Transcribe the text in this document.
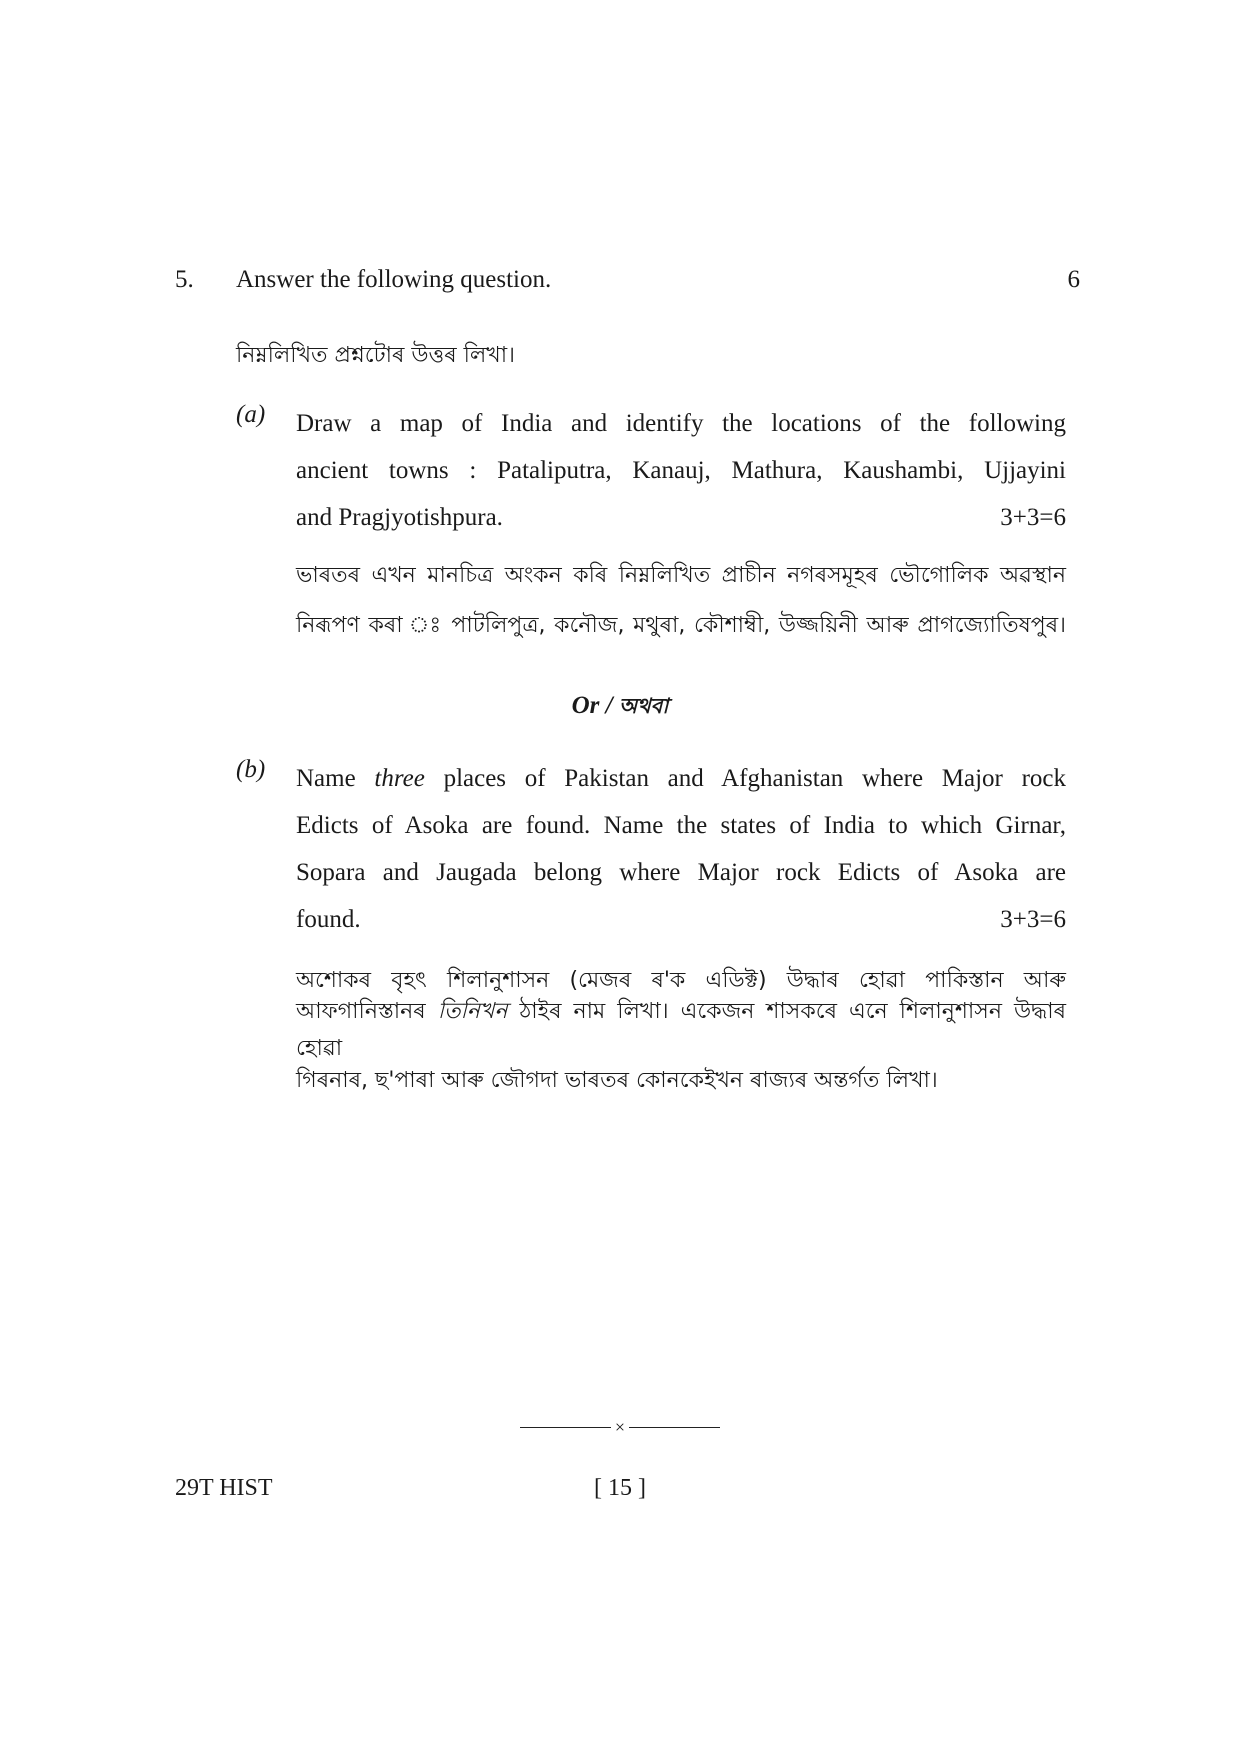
5. Answer the following question.	6
নিম্নলিখিত প্ৰশ্নটোৰ উত্তৰ লিখা।
(a) Draw a map of India and identify the locations of the following
ancient towns : Pataliputra, Kanauj, Mathura, Kaushambi, Ujjayini
and Pragjyotishpura.	3+3=6
ভাৰতৰ এখন মানচিত্ৰ অংকন কৰি নিম্নলিখিত প্ৰাচীন নগৰসমূহৰ ভৌগোলিক অৱস্থান
নিৰূপণ কৰা ঃ পাটলিপুত্ৰ, কনৌজ, মথুৰা, কৌশাম্বী, উজ্জয়িনী আৰু প্ৰাগজ্যোতিষপুৰ।
Or / অথবা
(b) Name three places of Pakistan and Afghanistan where Major rock
Edicts of Asoka are found. Name the states of India to which Girnar,
Sopara and Jaugada belong where Major rock Edicts of Asoka are
found.	3+3=6
অশোকৰ বৃহৎ শিলানুশাসন (মেজৰ ৰ'ক এডিক্ট) উদ্ধাৰ হোৱা পাকিস্তান আৰু
আফগানিস্তানৰ তিনিখন ঠাইৰ নাম লিখা। একেজন শাসকৰে এনে শিলানুশাসন উদ্ধাৰ হোৱা
গিৰনাৰ, ছ'পাৰা আৰু জৌগদা ভাৰতৰ কোনকেইখন ৰাজ্যৰ অন্তৰ্গত লিখা।
×
29T HIST	[ 15 ]
